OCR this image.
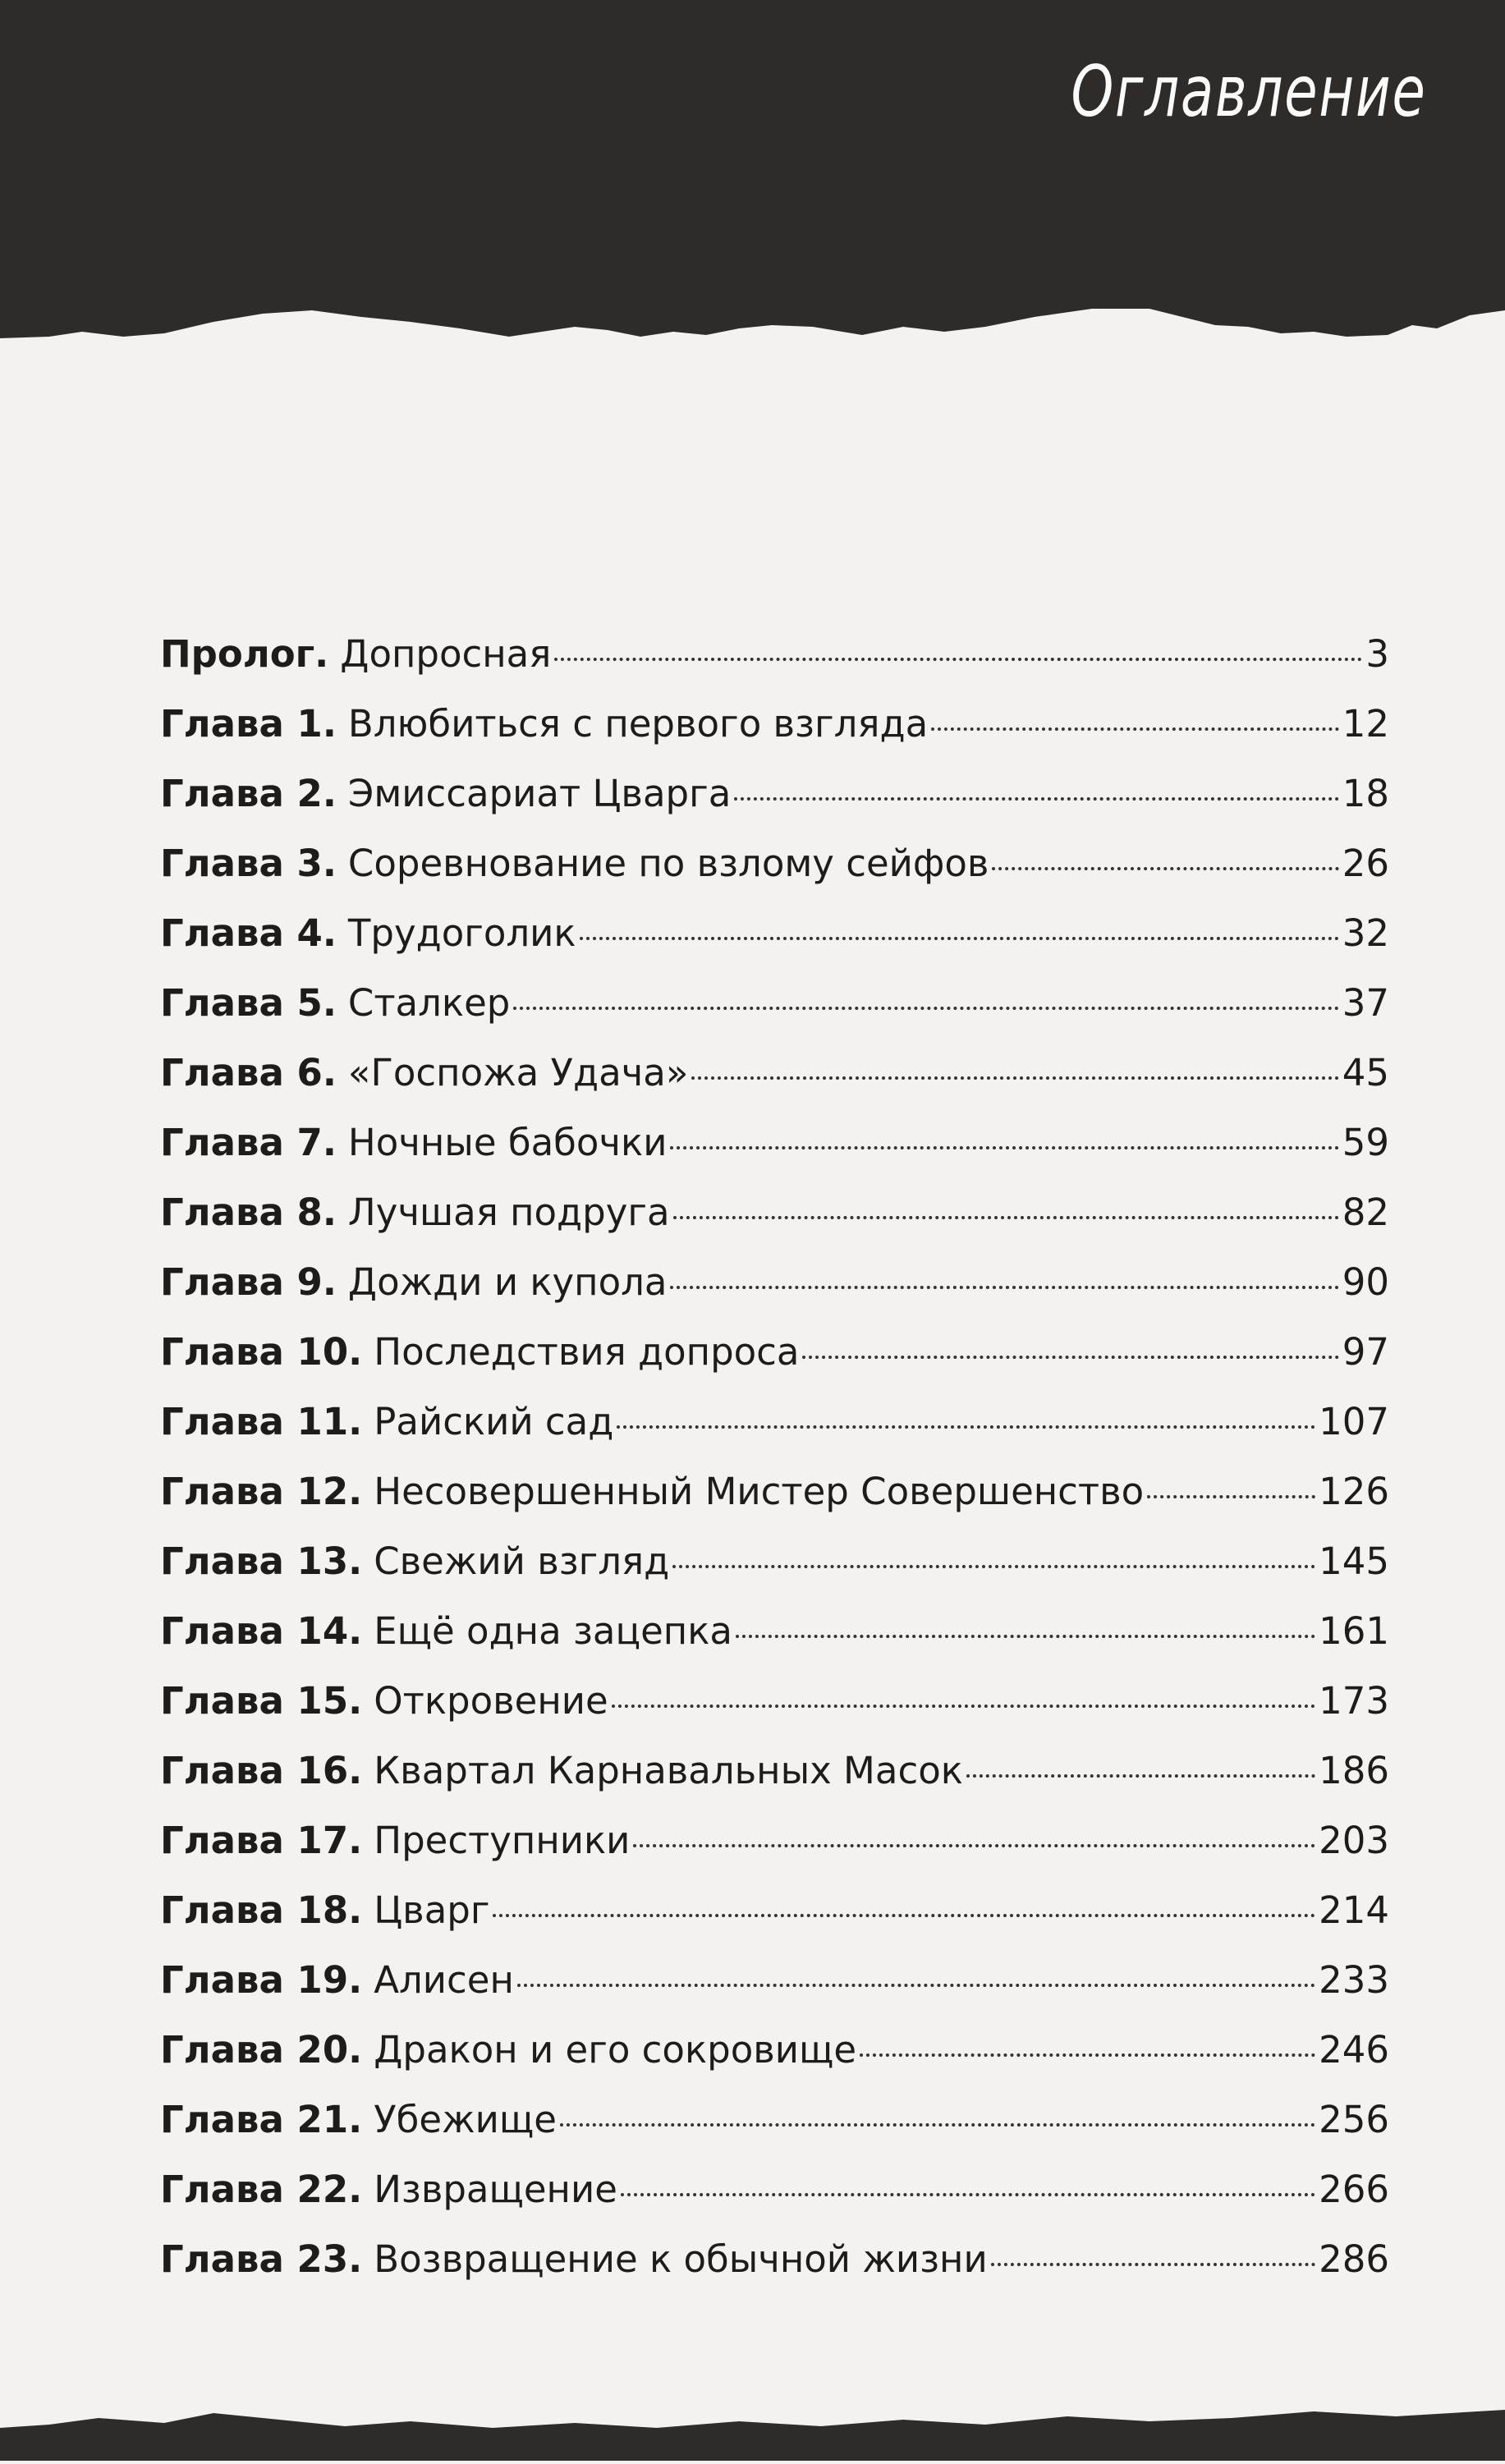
Оглавление
Пролог. Допросная	3
Глава 1. Влюбиться с первого взгляда	12
Глава 2. Эмиссариат Цварга	18
Глава 3. Соревнование по взлому сейфов	26
Глава 4. Трудоголик	32
Глава 5. Сталкер	37
Глава 6. «Госпожа Удача»	45
Глава 7. Ночные бабочки	59
Глава 8. Лучшая подруга	82
Глава 9. Дожди и купола	90
Глава 10. Последствия допроса	97
Глава 11. Райский сад	107
Глава 12. Несовершенный Мистер Совершенство	126
Глава 13. Свежий взгляд	145
Глава 14. Ещё одна зацепка	161
Глава 15. Откровение	173
Глава 16. Квартал Карнавальных Масок	186
Глава 17. Преступники	203
Глава 18. Цварг	214
Глава 19. Алисен	233
Глава 20. Дракон и его сокровище	246
Глава 21. Убежище	256
Глава 22. Извращение	266
Глава 23. Возвращение к обычной жизни	286
